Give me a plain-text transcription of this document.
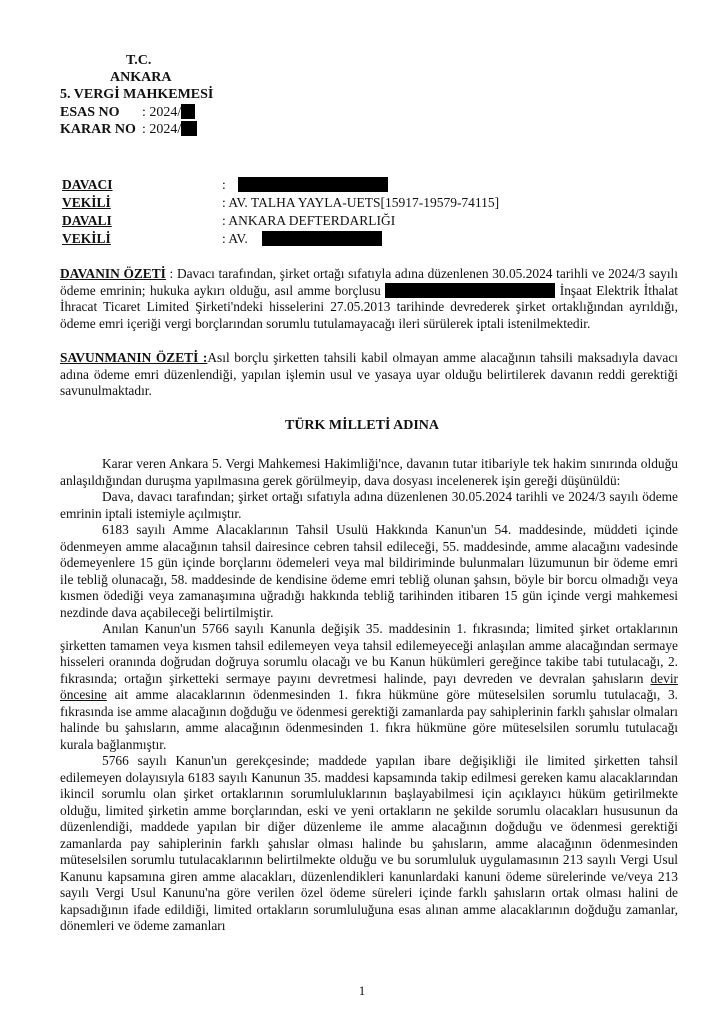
T.C.
ANKARA
5. VERGİ MAHKEMESİ
ESAS NO : 2024/
KARAR NO : 2024/
DAVACI	:
VEKİLİ	: AV. TALHA YAYLA-UETS[15917-19579-74115]
DAVALI	: ANKARA DEFTERDARLIĞI
VEKİLİ	: AV.
DAVANIN ÖZETİ : Davacı tarafından, şirket ortağı sıfatıyla adına düzenlenen 30.05.2024 tarihli ve 2024/3 sayılı ödeme emrinin; hukuka aykırı olduğu, asıl amme borçlusu	İnşaat Elektrik İthalat İhracat Ticaret Limited Şirketi'ndeki hisselerini 27.05.2013 tarihinde devrederek şirket ortaklığından ayrıldığı, ödeme emri içeriği vergi borçlarından sorumlu tutulamayacağı ileri sürülerek iptali istenilmektedir.
SAVUNMANIN ÖZETİ :Asıl borçlu şirketten tahsili kabil olmayan amme alacağının tahsili maksadıyla davacı adına ödeme emri düzenlendiği, yapılan işlemin usul ve yasaya uyar olduğu belirtilerek davanın reddi gerektiği savunulmaktadır.
TÜRK MİLLETİ ADINA

Karar veren Ankara 5. Vergi Mahkemesi Hakimliği'nce, davanın tutar itibariyle tek hakim sınırında olduğu anlaşıldığından duruşma yapılmasına gerek görülmeyip, dava dosyası incelenerek işin gereği düşünüldü:

Dava, davacı tarafından; şirket ortağı sıfatıyla adına düzenlenen 30.05.2024 tarihli ve 2024/3 sayılı ödeme emrinin iptali istemiyle açılmıştır.

6183 sayılı Amme Alacaklarının Tahsil Usulü Hakkında Kanun'un 54. maddesinde, müddeti içinde ödenmeyen amme alacağının tahsil dairesince cebren tahsil edileceği, 55. maddesinde, amme alacağını vadesinde ödemeyenlere 15 gün içinde borçlarını ödemeleri veya mal bildiriminde bulunmaları lüzumunun bir ödeme emri ile tebliğ olunacağı, 58. maddesinde de kendisine ödeme emri tebliğ olunan şahsın, böyle bir borcu olmadığı veya kısmen ödediği veya zamanaşımına uğradığı hakkında tebliğ tarihinden itibaren 15 gün içinde vergi mahkemesi nezdinde dava açabileceği belirtilmiştir.

Anılan Kanun'un 5766 sayılı Kanunla değişik 35. maddesinin 1. fıkrasında; limited şirket ortaklarının şirketten tamamen veya kısmen tahsil edilemeyen veya tahsil edilemeyeceği anlaşılan amme alacağından sermaye hisseleri oranında doğrudan doğruya sorumlu olacağı ve bu Kanun hükümleri gereğince takibe tabi tutulacağı, 2. fıkrasında; ortağın şirketteki sermaye payını devretmesi halinde, payı devreden ve devralan şahısların devir öncesine ait amme alacaklarının ödenmesinden 1. fıkra hükmüne göre müteselsilen sorumlu tutulacağı, 3. fıkrasında ise amme alacağının doğduğu ve ödenmesi gerektiği zamanlarda pay sahiplerinin farklı şahıslar olmaları halinde bu şahısların, amme alacağının ödenmesinden 1. fıkra hükmüne göre müteselsilen sorumlu tutulacağı kurala bağlanmıştır.

5766 sayılı Kanun'un gerekçesinde; maddede yapılan ibare değişikliği ile limited şirketten tahsil edilemeyen dolayısıyla 6183 sayılı Kanunun 35. maddesi kapsamında takip edilmesi gereken kamu alacaklarından ikincil sorumlu olan şirket ortaklarının sorumluluklarının başlayabilmesi için açıklayıcı hüküm getirilmekte olduğu, limited şirketin amme borçlarından, eski ve yeni ortakların ne şekilde sorumlu olacakları hususunun da düzenlendiği, maddede yapılan bir diğer düzenleme ile amme alacağının doğduğu ve ödenmesi gerektiği zamanlarda pay sahiplerinin farklı şahıslar olması halinde bu şahısların, amme alacağının ödenmesinden müteselsilen sorumlu tutulacaklarının belirtilmekte olduğu ve bu sorumluluk uygulamasının 213 sayılı Vergi Usul Kanunu kapsamına giren amme alacakları, düzenlendikleri kanunlardaki kanuni ödeme sürelerinde ve/veya 213 sayılı Vergi Usul Kanunu'na göre verilen özel ödeme süreleri içinde farklı şahısların ortak olması halini de kapsadığının ifade edildiği, limited ortakların sorumluluğuna esas alınan amme alacaklarının doğduğu zamanlar, dönemleri ve ödeme zamanları

1
